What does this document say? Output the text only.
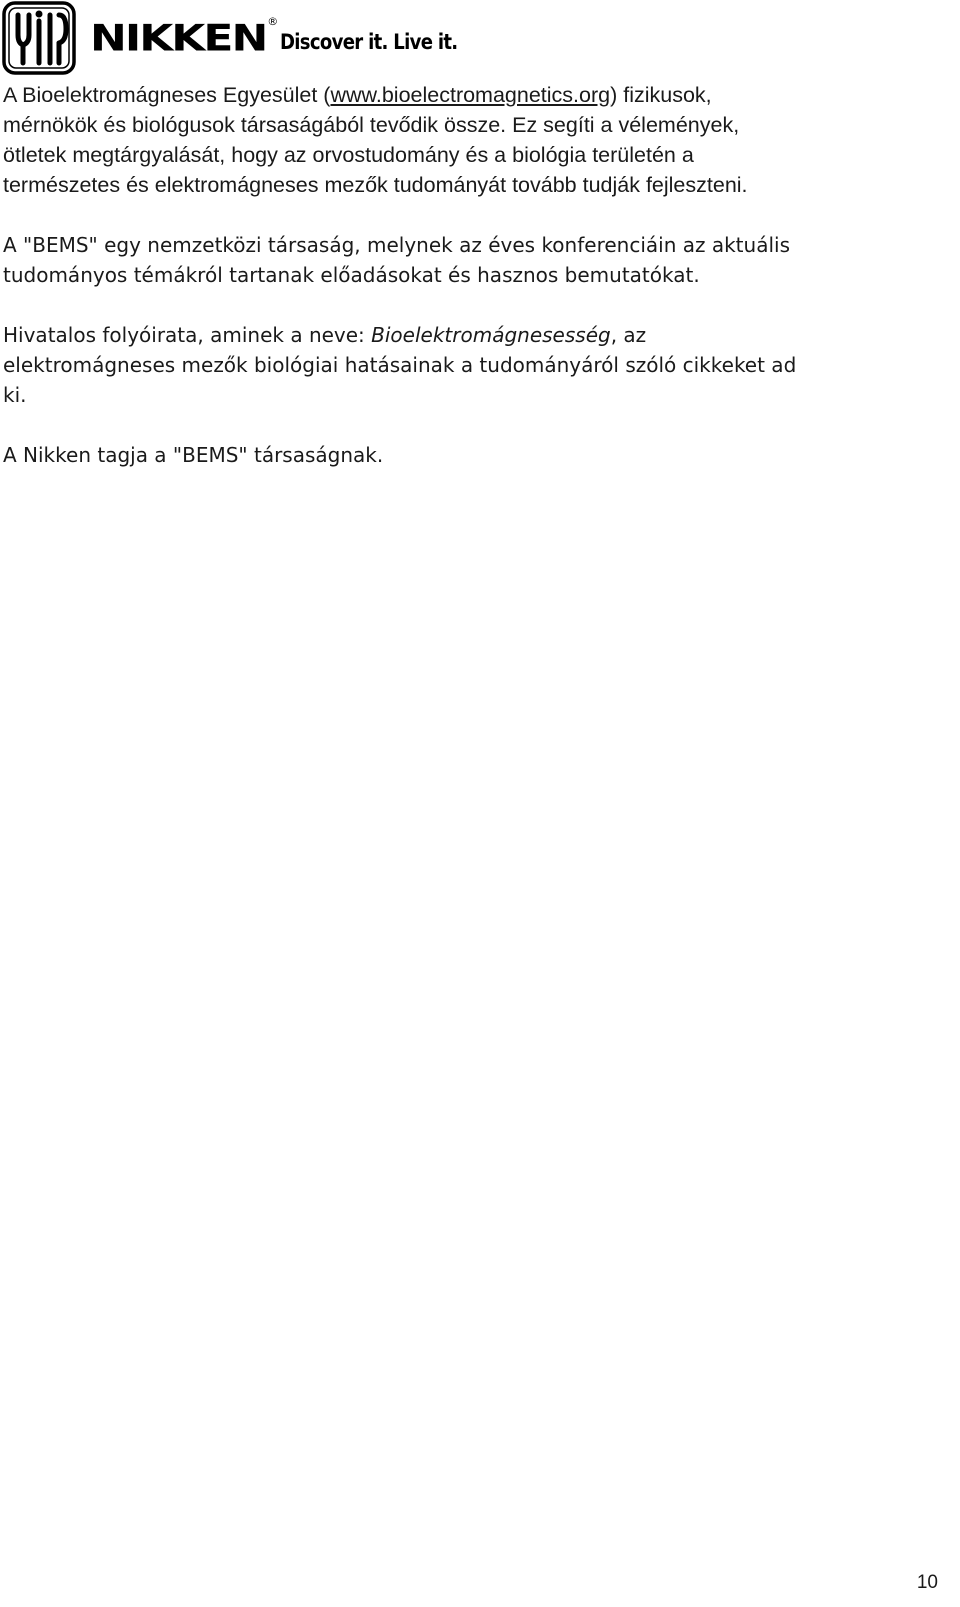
NIKKEN ®
Discover it. Live it.

A Bioelektromágneses Egyesület (www.bioelectromagnetics.org) fizikusok,

mérnökök és biológusok társaságából tevődik össze. Ez segíti a vélemények,

ötletek megtárgyalását, hogy az orvostudomány és a biológia területén a

természetes és elektromágneses mezők tudományát tovább tudják fejleszteni.

A "BEMS" egy nemzetközi társaság, melynek az éves konferenciáin az aktuális

tudományos témákról tartanak előadásokat és hasznos bemutatókat.

Hivatalos folyóirata, aminek a neve: Bioelektromágnesesség, az

elektromágneses mezők biológiai hatásainak a tudományáról szóló cikkeket ad

ki.

A Nikken tagja a "BEMS" társaságnak.

10
